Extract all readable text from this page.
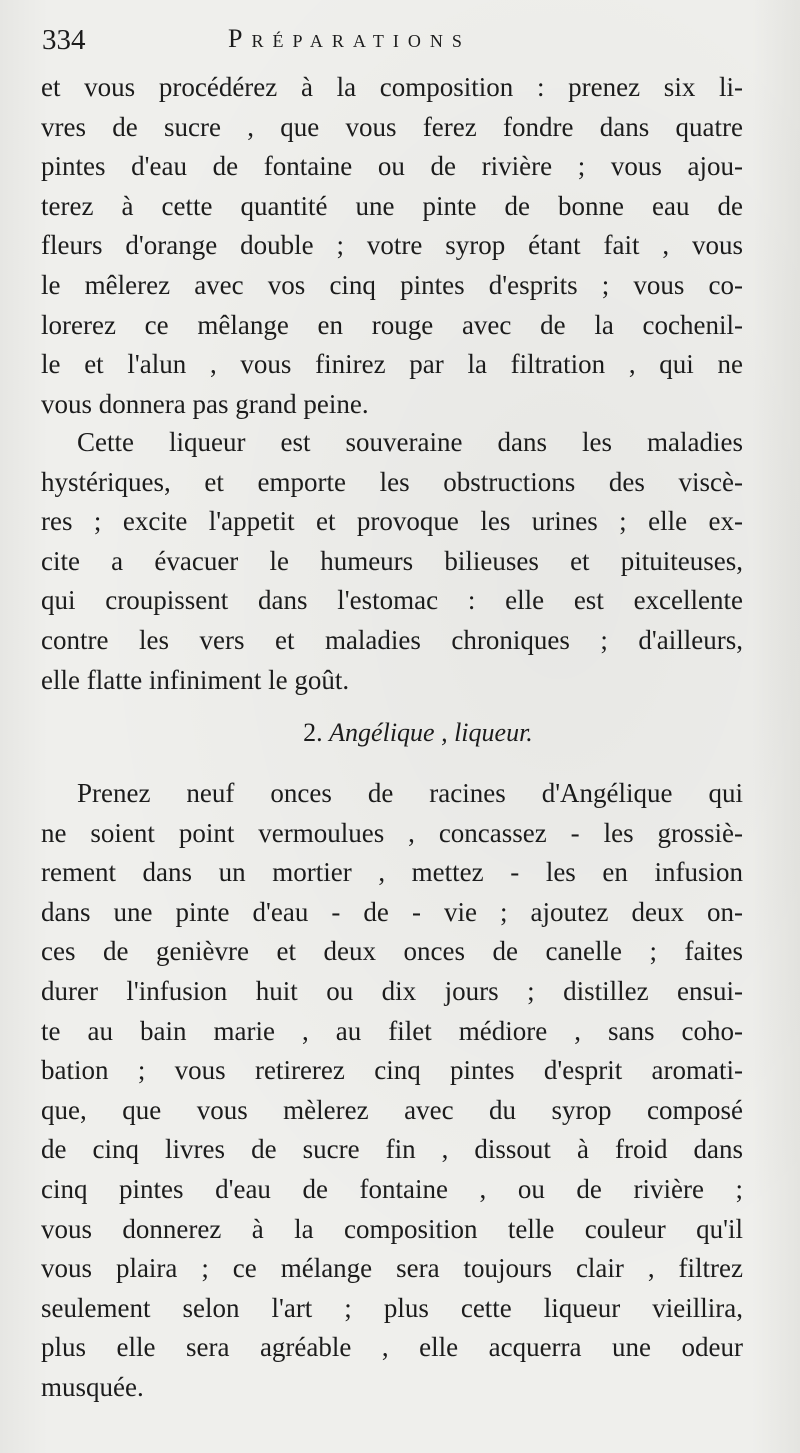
334	Préparations
et vous procédérez à la composition : prenez six li-
vres de sucre , que vous ferez fondre dans quatre
pintes d'eau de fontaine ou de rivière ; vous ajou-
terez à cette quantité une pinte de bonne eau de
fleurs d'orange double ; votre syrop étant fait , vous
le mêlerez avec vos cinq pintes d'esprits ; vous co-
lorerez ce mêlange en rouge avec de la cochenil-
le et l'alun , vous finirez par la filtration , qui ne
vous donnera pas grand peine.
Cette liqueur est souveraine dans les maladies
hystériques, et emporte les obstructions des viscè-
res ; excite l'appetit et provoque les urines ; elle ex-
cite a évacuer le humeurs bilieuses et pituiteuses,
qui croupissent dans l'estomac : elle est excellente
contre les vers et maladies chroniques ; d'ailleurs,
elle flatte infiniment le goût.
2. Angélique , liqueur.
Prenez neuf onces de racines d'Angélique qui
ne soient point vermoulues , concassez - les grossiè-
rement dans un mortier , mettez - les en infusion
dans une pinte d'eau - de - vie ; ajoutez deux on-
ces de genièvre et deux onces de canelle ; faites
durer l'infusion huit ou dix jours ; distillez ensui-
te au bain marie , au filet médiore , sans coho-
bation ; vous retirerez cinq pintes d'esprit aromati-
que, que vous mèlerez avec du syrop composé
de cinq livres de sucre fin , dissout à froid dans
cinq pintes d'eau de fontaine , ou de rivière ;
vous donnerez à la composition telle couleur qu'il
vous plaira ; ce mélange sera toujours clair , filtrez
seulement selon l'art ; plus cette liqueur vieillira,
plus elle sera agréable , elle acquerra une odeur
musquée.
